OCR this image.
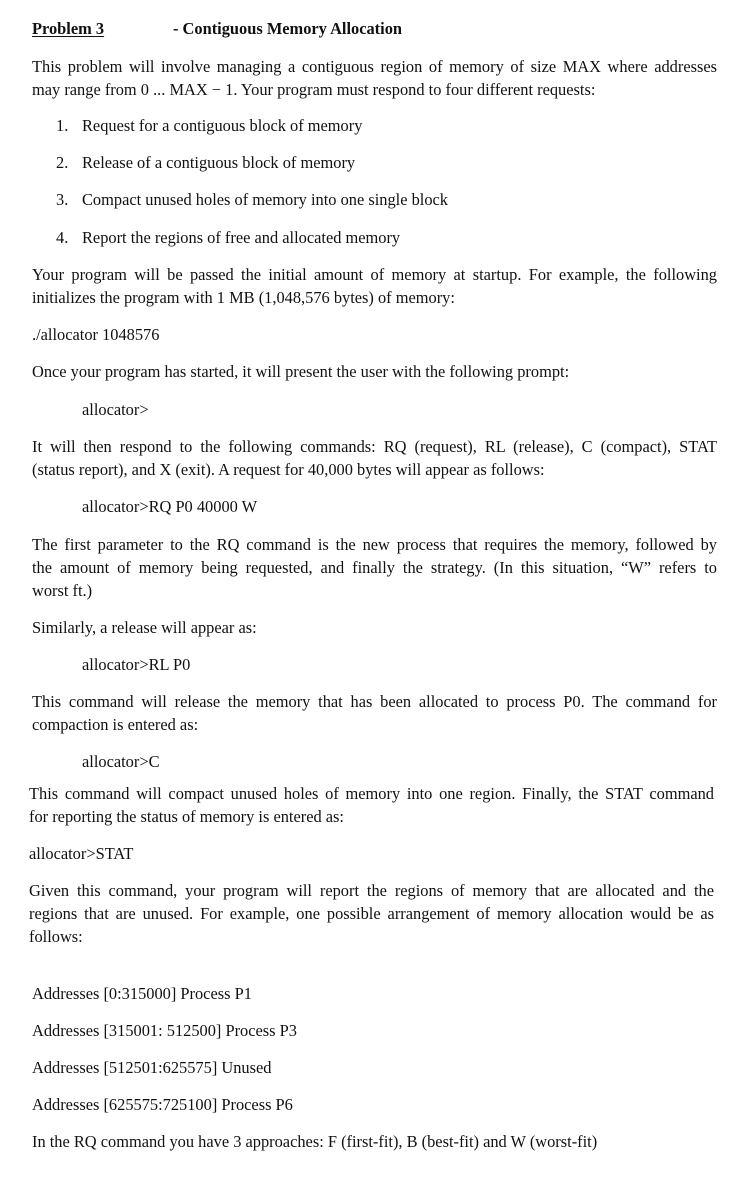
Problem 3	- Contiguous Memory Allocation

This problem will involve managing a contiguous region of memory of size MAX where addresses

may range from 0 ... MAX − 1. Your program must respond to four different requests:

1. Request for a contiguous block of memory

2. Release of a contiguous block of memory

3. Compact unused holes of memory into one single block

4. Report the regions of free and allocated memory

Your program will be passed the initial amount of memory at startup. For example, the following

initializes the program with 1 MB (1,048,576 bytes) of memory:

./allocator 1048576

Once your program has started, it will present the user with the following prompt:

allocator>

It will then respond to the following commands: RQ (request), RL (release), C (compact), STAT

(status report), and X (exit). A request for 40,000 bytes will appear as follows:

allocator>RQ P0 40000 W

The first parameter to the RQ command is the new process that requires the memory, followed by

the amount of memory being requested, and finally the strategy. (In this situation, “W” refers to

worst ft.)

Similarly, a release will appear as:

allocator>RL P0

This command will release the memory that has been allocated to process P0. The command for

compaction is entered as:

allocator>C

This command will compact unused holes of memory into one region. Finally, the STAT command

for reporting the status of memory is entered as:

allocator>STAT

Given this command, your program will report the regions of memory that are allocated and the

regions that are unused. For example, one possible arrangement of memory allocation would be as

follows:

Addresses [0:315000] Process P1

Addresses [315001: 512500] Process P3

Addresses [512501:625575] Unused

Addresses [625575:725100] Process P6

In the RQ command you have 3 approaches: F (first-fit), B (best-fit) and W (worst-fit)
